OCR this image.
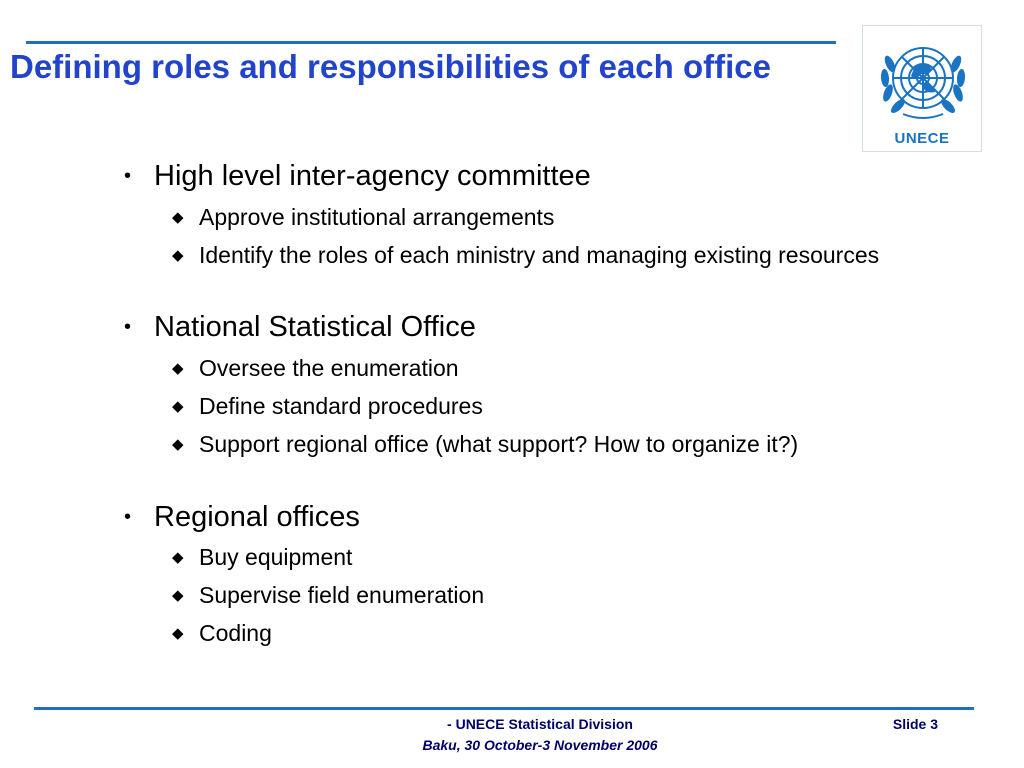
Defining roles and responsibilities of each office
UNECE
• High level inter-agency committee
◆ Approve institutional arrangements
◆ Identify the roles of each ministry and managing existing resources
• National Statistical Office
◆ Oversee the enumeration
◆ Define standard procedures
◆ Support regional office (what support? How to organize it?)
• Regional offices
◆ Buy equipment
◆ Supervise field enumeration
◆ Coding
- UNECE Statistical Division
Baku, 30 October-3 November 2006
Slide 3
